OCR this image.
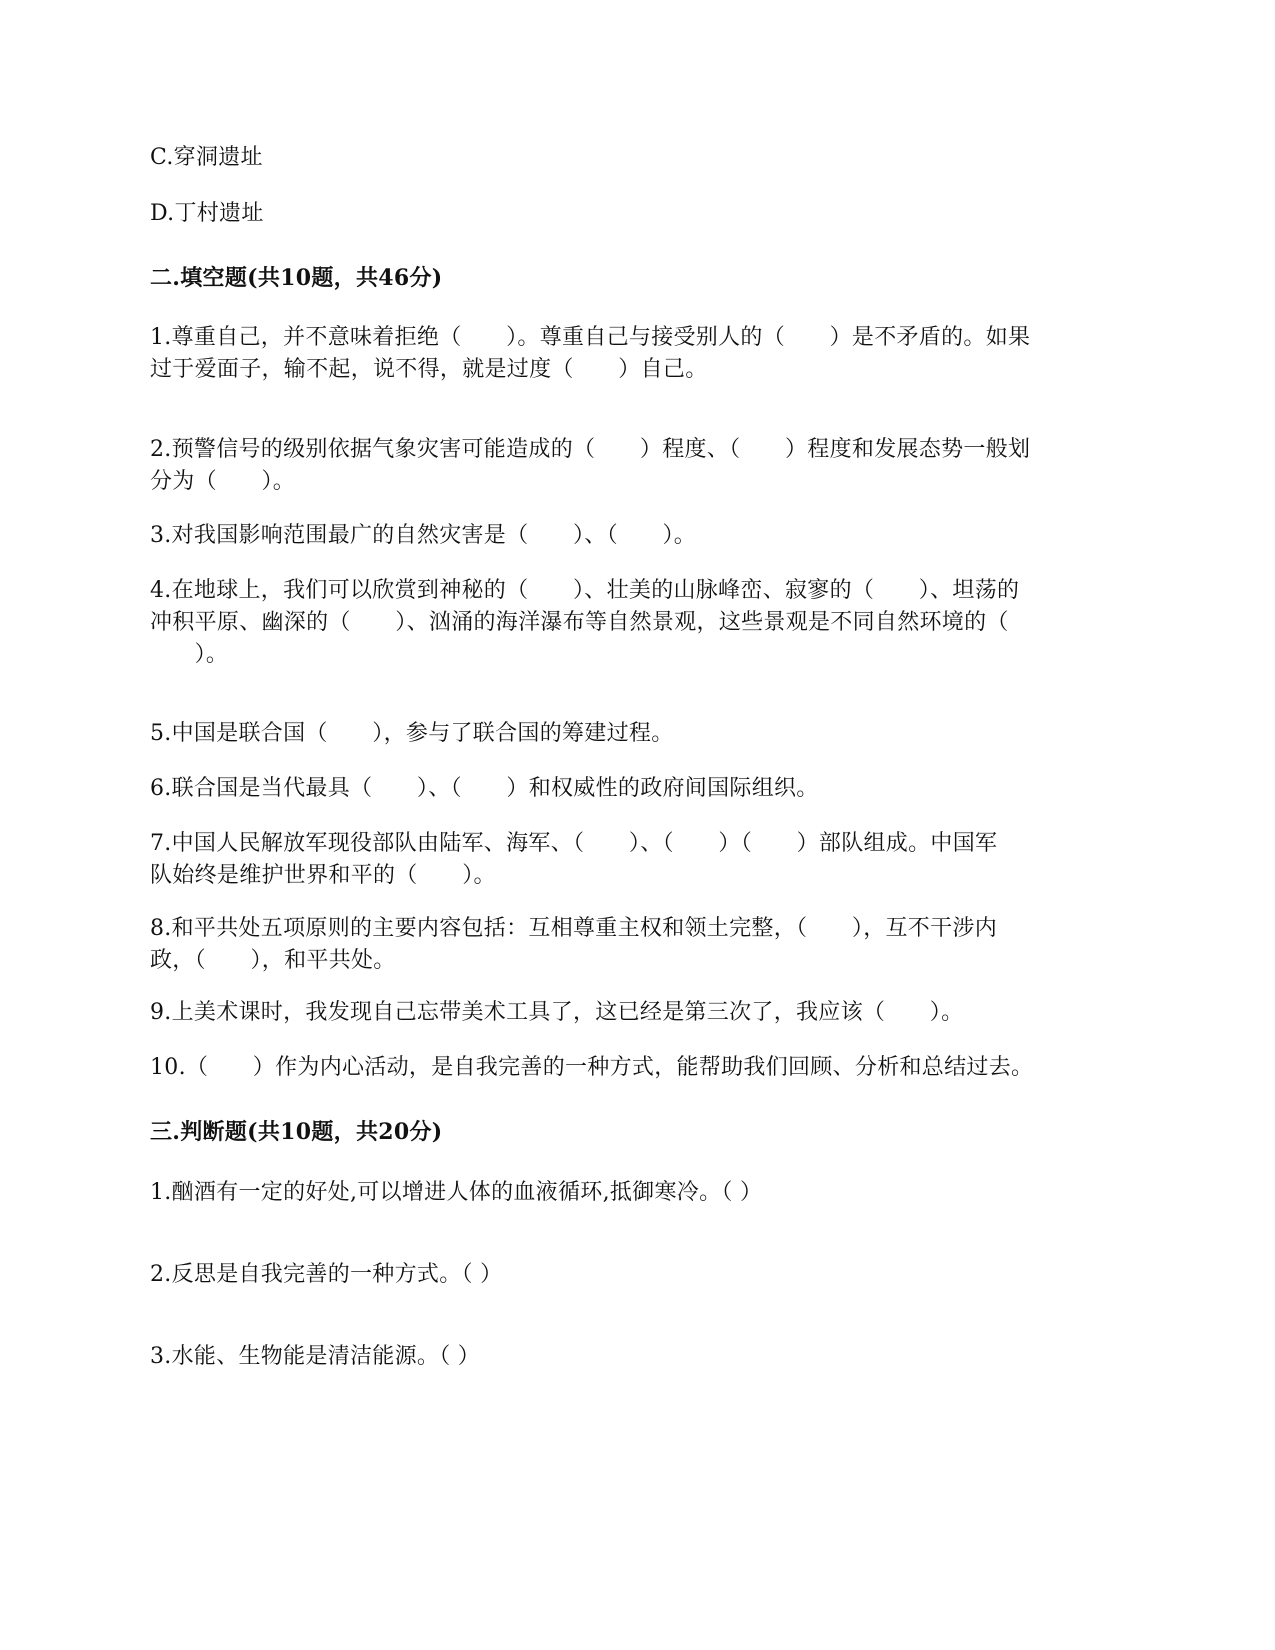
C.穿洞遗址
D.丁村遗址
二.填空题(共10题，共46分)

1.尊重自己，并不意味着拒绝（　　）。尊重自己与接受别人的（　　）是不矛盾的。如果

过于爱面子，输不起，说不得，就是过度（　　）自己。

2.预警信号的级别依据气象灾害可能造成的（　　）程度、（　　）程度和发展态势一般划

分为（　　）。

3.对我国影响范围最广的自然灾害是（　　）、（　　）。

4.在地球上，我们可以欣赏到神秘的（　　）、壮美的山脉峰峦、寂寥的（　　）、坦荡的

冲积平原、幽深的（　　）、汹涌的海洋瀑布等自然景观，这些景观是不同自然环境的（

　　）。

5.中国是联合国（　　），参与了联合国的筹建过程。

6.联合国是当代最具（　　）、（　　）和权威性的政府间国际组织。

7.中国人民解放军现役部队由陆军、海军、（　　）、（　　）（　　）部队组成。中国军

队始终是维护世界和平的（　　）。

8.和平共处五项原则的主要内容包括：互相尊重主权和领土完整，（　　），互不干涉内

政，（　　），和平共处。

9.上美术课时，我发现自己忘带美术工具了，这已经是第三次了，我应该（　　）。

10.（　　）作为内心活动，是自我完善的一种方式，能帮助我们回顾、分析和总结过去。

三.判断题(共10题，共20分)

1.酗酒有一定的好处,可以增进人体的血液循环,抵御寒冷。（ ）

2.反思是自我完善的一种方式。（ ）

3.水能、生物能是清洁能源。（ ）
